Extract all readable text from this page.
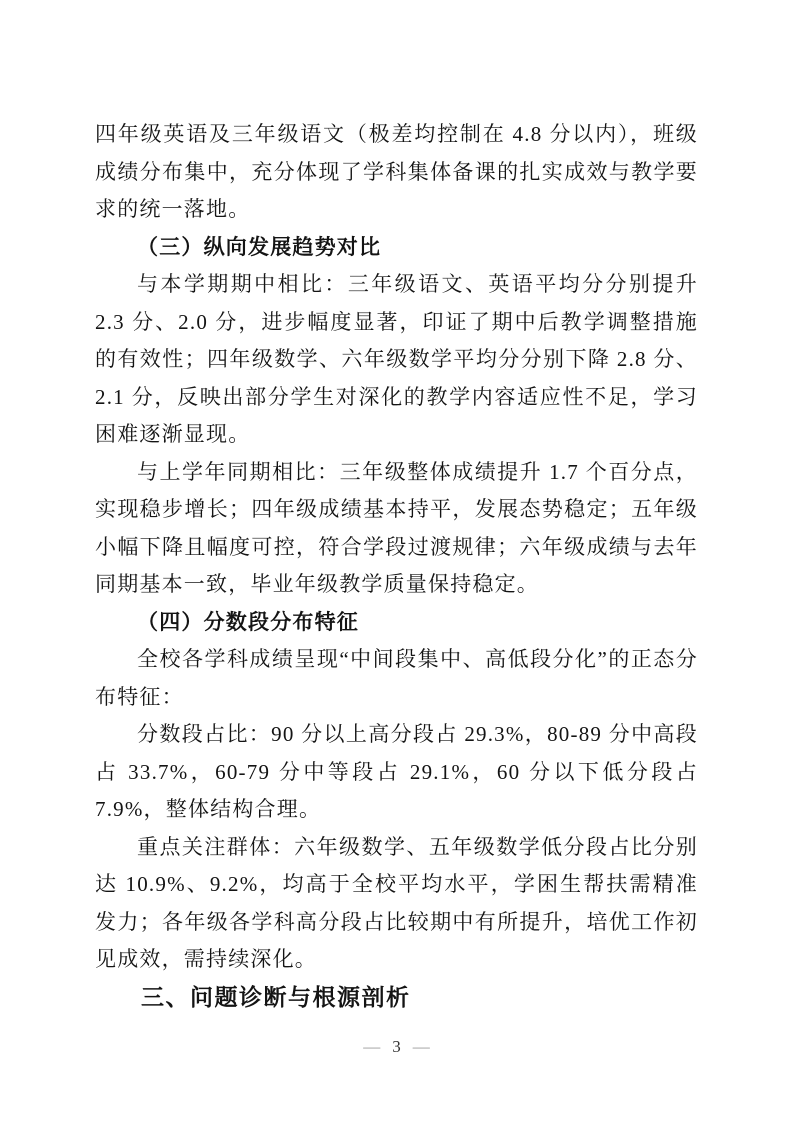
四年级英语及三年级语文（极差均控制在 4.8 分以内），班级成绩分布集中，充分体现了学科集体备课的扎实成效与教学要求的统一落地。

（三）纵向发展趋势对比

与本学期期中相比：三年级语文、英语平均分分别提升 2.3 分、2.0 分，进步幅度显著，印证了期中后教学调整措施的有效性；四年级数学、六年级数学平均分分别下降 2.8 分、2.1 分，反映出部分学生对深化的教学内容适应性不足，学习困难逐渐显现。

与上学年同期相比：三年级整体成绩提升 1.7 个百分点，实现稳步增长；四年级成绩基本持平，发展态势稳定；五年级小幅下降且幅度可控，符合学段过渡规律；六年级成绩与去年同期基本一致，毕业年级教学质量保持稳定。

（四）分数段分布特征

全校各学科成绩呈现“中间段集中、高低段分化”的正态分布特征：

分数段占比：90 分以上高分段占 29.3%，80-89 分中高段占 33.7%，60-79 分中等段占 29.1%，60 分以下低分段占 7.9%，整体结构合理。

重点关注群体：六年级数学、五年级数学低分段占比分别达 10.9%、9.2%，均高于全校平均水平，学困生帮扶需精准发力；各年级各学科高分段占比较期中有所提升，培优工作初见成效，需持续深化。

三、问题诊断与根源剖析

— 3 —
